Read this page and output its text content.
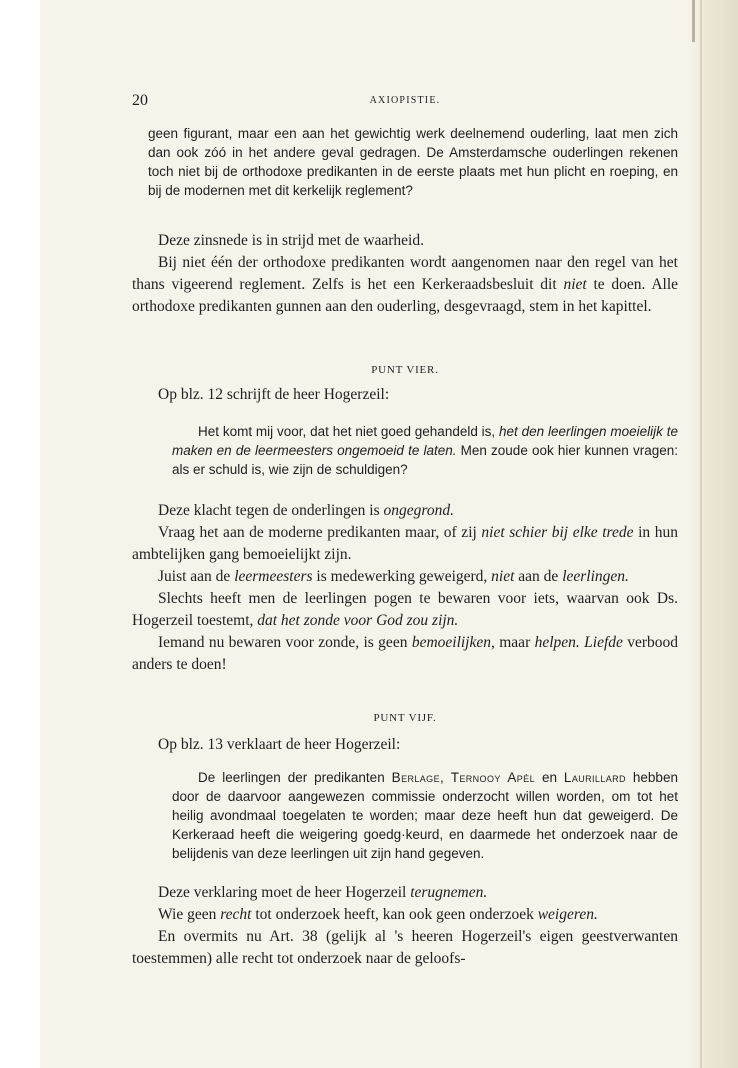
20	AXIOPISTIE.

geen figurant, maar een aan het gewichtig werk deelnemend ouderling, laat men zich dan ook zóó in het andere geval gedragen. De Amsterdamsche ouderlingen rekenen toch niet bij de orthodoxe predikanten in de eerste plaats met hun plicht en roeping, en bij de modernen met dit kerkelijk reglement?

Deze zinsnede is in strijd met de waarheid.

Bij niet één der orthodoxe predikanten wordt aangenomen naar den regel van het thans vigeerend reglement. Zelfs is het een Kerkeraadsbesluit dit niet te doen. Alle orthodoxe predikanten gunnen aan den ouderling, desgevraagd, stem in het kapittel.

PUNT VIER.

Op blz. 12 schrijft de heer Hogerzeil:

Het komt mij voor, dat het niet goed gehandeld is, het den leerlingen moeielijk te maken en de leermeesters ongemoeid te laten. Men zoude ook hier kunnen vragen: als er schuld is, wie zijn de schuldigen?

Deze klacht tegen de onderlingen is ongegrond.

Vraag het aan de moderne predikanten maar, of zij niet schier bij elke trede in hun ambtelijken gang bemoeielijkt zijn.

Juist aan de leermeesters is medewerking geweigerd, niet aan de leerlingen.

Slechts heeft men de leerlingen pogen te bewaren voor iets, waarvan ook Ds. Hogerzeil toestemt, dat het zonde voor God zou zijn.

Iemand nu bewaren voor zonde, is geen bemoeilijken, maar helpen. Liefde verbood anders te doen!

PUNT VIJF.

Op blz. 13 verklaart de heer Hogerzeil:

De leerlingen der predikanten Berlage, Ternooy Apél en Laurillard hebben door de daarvoor aangewezen commissie onderzocht willen worden, om tot het heilig avondmaal toegelaten te worden; maar deze heeft hun dat geweigerd. De Kerkeraad heeft die weigering goedg·keurd, en daarmede het onderzoek naar de belijdenis van deze leerlingen uit zijn hand gegeven.

Deze verklaring moet de heer Hogerzeil terugnemen.

Wie geen recht tot onderzoek heeft, kan ook geen onderzoek weigeren.

En overmits nu Art. 38 (gelijk al 's heeren Hogerzeil's eigen geestverwanten toestemmen) alle recht tot onderzoek naar de geloofs-
